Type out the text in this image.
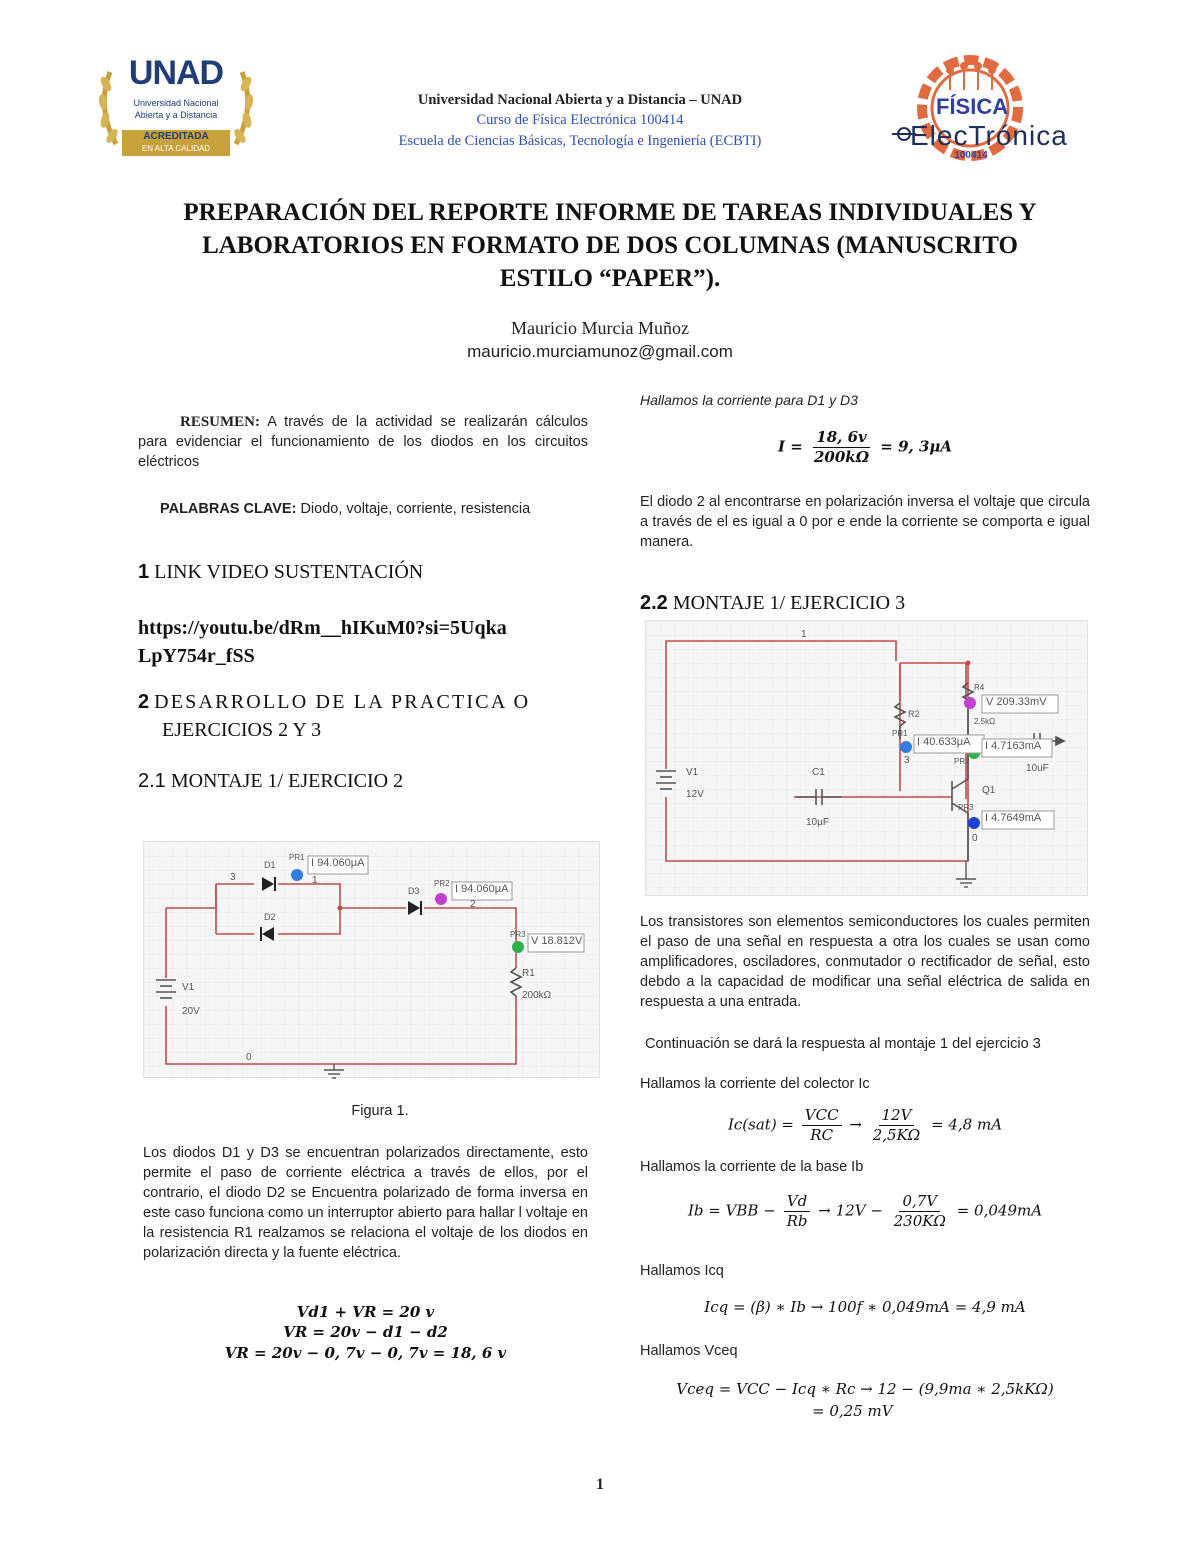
UNAD
Universidad Nacional
Abierta y a Distancia
ACREDITADA
EN ALTA CALIDAD
Universidad Nacional Abierta y a Distancia – UNAD
Curso de Física Electrónica 100414
Escuela de Ciencias Básicas, Tecnología e Ingeniería (ECBTI)
FÍSICA
ElecTrónica
100414
PREPARACIÓN DEL REPORTE INFORME DE TAREAS INDIVIDUALES Y
LABORATORIOS EN FORMATO DE DOS COLUMNAS (MANUSCRITO
ESTILO “PAPER”).
Mauricio Murcia Muñoz
mauricio.murciamunoz@gmail.com
RESUMEN: A través de la actividad se realizarán cálculos para evidenciar el funcionamiento de los diodos en los circuitos eléctricos
PALABRAS CLAVE: Diodo, voltaje, corriente, resistencia
1 LINK VIDEO SUSTENTACIÓN
https://youtu.be/dRm__hIKuM0?si=5Uqka
LpY754r_fSS
2 DESARROLLO DE LA PRACTICA O
EJERCICIOS 2 Y 3
2.1 MONTAJE 1/ EJERCICIO 2
I 94.060μA
I 94.060μA
V 18.812V
D1
D2
D3
PR1
PR2
PR3
3	1
2
0
V1
20V
R1
200kΩ
Figura 1.
Los diodos D1 y D3 se encuentran polarizados directamente, esto permite el paso de corriente eléctrica a través de ellos, por el contrario, el diodo D2 se Encuentra polarizado de forma inversa en este caso funciona como un interruptor abierto para hallar l voltaje en la resistencia R1 realzamos se relaciona el voltaje de los diodos en polarización directa y la fuente eléctrica.
Vd1 + VR = 20 v
VR = 20v − d1 − d2
VR = 20v − 0, 7v − 0, 7v = 18, 6 v
Hallamos la corriente para D1 y D3
$I = \frac{18, 6v}{200k\Omega} = 9$, 3μA
El diodo 2 al encontrarse en polarización inversa el voltaje que circula a través de el es igual a 0 por e ende la corriente se comporta e igual manera.
2.2 MONTAJE 1/ EJERCICIO 3
V 209.33mV
I 40.633μA I 4.7163mA
I 4.7649mA
R2
R4
2.5kΩ
PR1
PR2
PR3
Q1
C1
10μF
10uF
V1
12V
1
3
0
Los transistores son elementos semiconductores los cuales permiten el paso de una señal en respuesta a otra los cuales se usan como amplificadores, osciladores, conmutador o rectificador de señal, esto debdo a la capacidad de modificar una señal eléctrica de salida en respuesta a una entrada.
Continuación se dará la respuesta al montaje 1 del ejercicio 3
Hallamos la corriente del colector Ic
$Ic(sat) = \frac{\text{VCC}}{RC} \to \frac{12V}{2,5K\Omega} = 4,8$ mA
Hallamos la corriente de la base Ib
Ib = VBB − $\frac{Vd}{Rb} \to 12V - \frac{0,7V}{230K\Omega} = 0,049mA$
Hallamos Icq
Icq = (β) ∗ Ib → 100f ∗ 0,049mA = 4,9 mA
Hallamos Vceq
Vceq = VCC − Icq ∗ Rc → 12 − (9,9ma ∗ 2,5kKΩ)
= 0,25 mV
1
